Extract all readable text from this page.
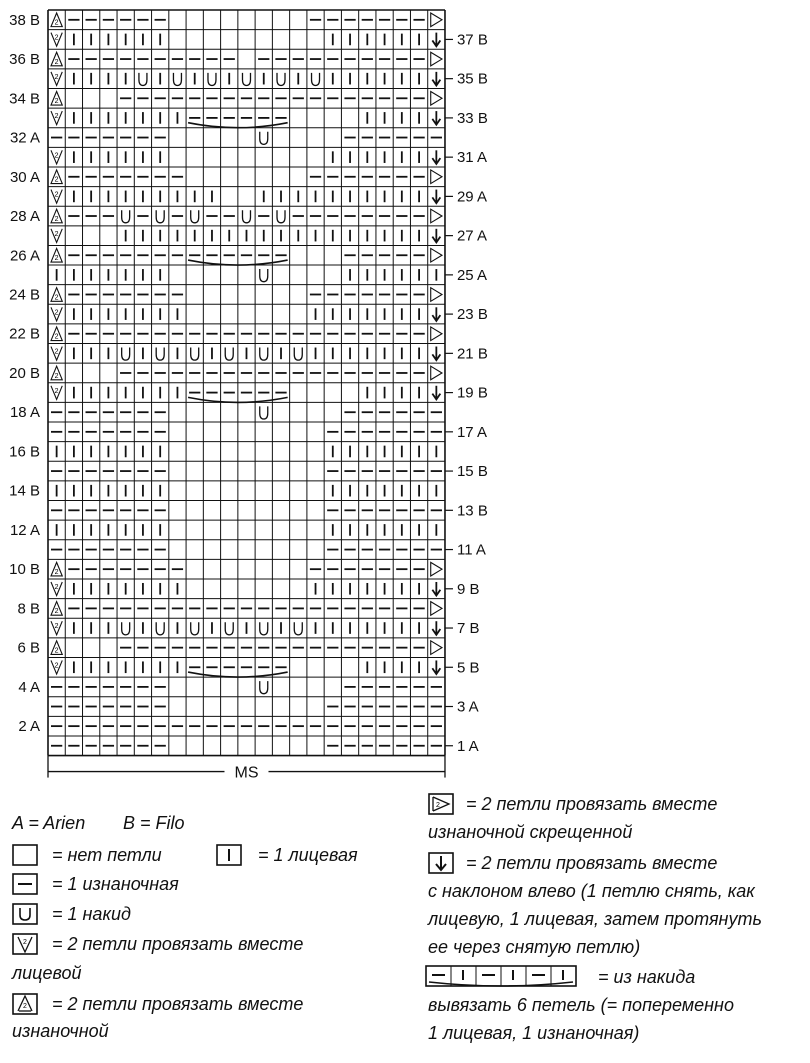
2
2
2
2
2
2
2
2
2
2
2
2
2
2
2
2
2
2
2
2
2
2
2
2
38 B
36 B
34 B
32 A
30 A
28 A
26 A
24 B
22 B
20 B
18 A
16 B
14 B
12 A
10 B
8 B
6 B
4 A
2 A
37 B
35 B
33 B
31 A
29 A
27 A
25 A
23 B
21 B
19 B
17 A
15 B
13 B
11 A
9 B
7 B
5 B
3 A
1 A
MS
2
2
2
A = Arien B = Filo
= нет петли	= 1 лицевая
= 1 изнаночная
= 1 накид
= 2 петли провязать вместе
лицевой
= 2 петли провязать вместе
изнаночной
= 2 петли провязать вместе
изнаночной скрещенной
= 2 петли провязать вместе
с наклоном влево (1 петлю снять, как
лицевую, 1 лицевая, затем протянуть
ее через снятую петлю)
= из накида
вывязать 6 петель (= попеременно
1 лицевая, 1 изнаночная)
